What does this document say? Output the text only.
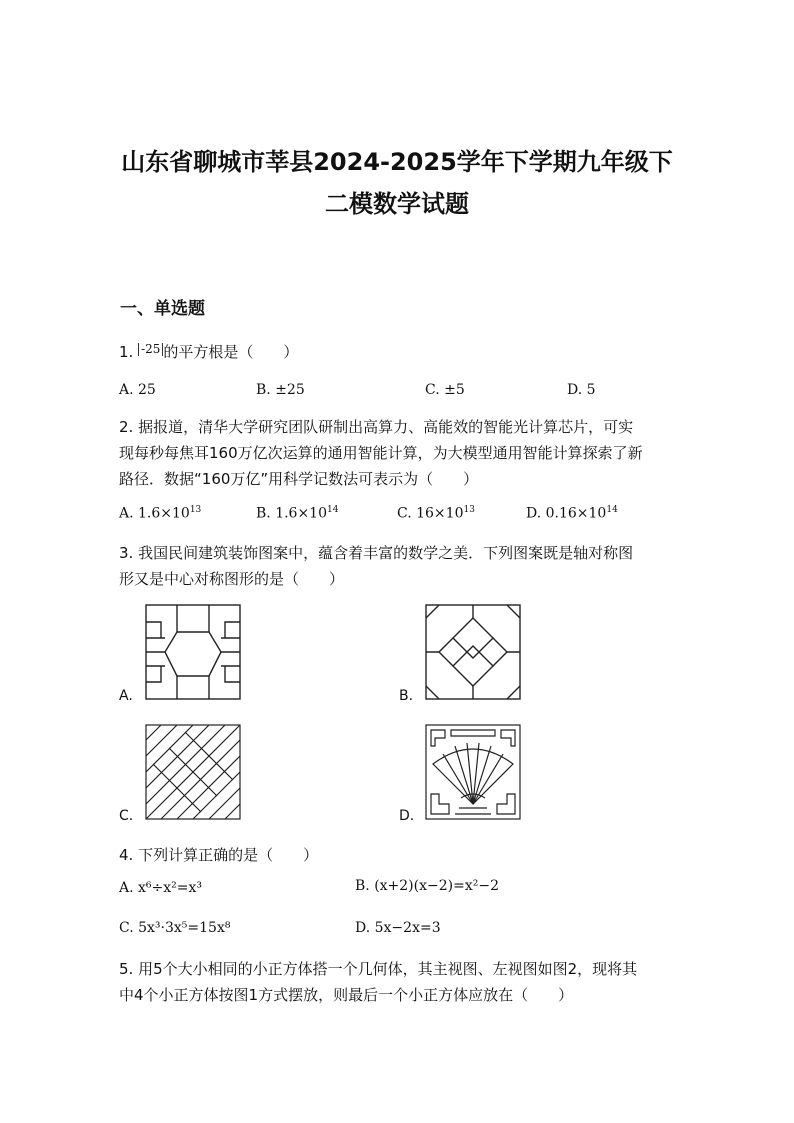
山东省聊城市莘县2024-2025学年下学期九年级下
二模数学试题
一、单选题
1. -25 的平方根是（　　）
A. 25	B. ±25	C. ±5	D. 5
2. 据报道，清华大学研究团队研制出高算力、高能效的智能光计算芯片，可实
现每秒每焦耳160万亿次运算的通用智能计算，为大模型通用智能计算探索了新
路径．数据“160万亿”用科学记数法可表示为（　　）
A. $1.6\times 10^{13}$	B. $1.6\times 10^{14}$	C. $16\times 10^{13}$	D. $0.16\times 10^{14}$
3. 我国民间建筑装饰图案中，蕴含着丰富的数学之美．下列图案既是轴对称图
形又是中心对称图形的是（　　）
A.	B.
C.	D.
4. 下列计算正确的是（　　）
A. x⁶÷x²=x³	B. (x+2)(x−2)=x²−2
C. 5x³·3x⁵=15x⁸	D. 5x−2x=3
5. 用5个大小相同的小正方体搭一个几何体，其主视图、左视图如图2，现将其
中4个小正方体按图1方式摆放，则最后一个小正方体应放在（　　）
